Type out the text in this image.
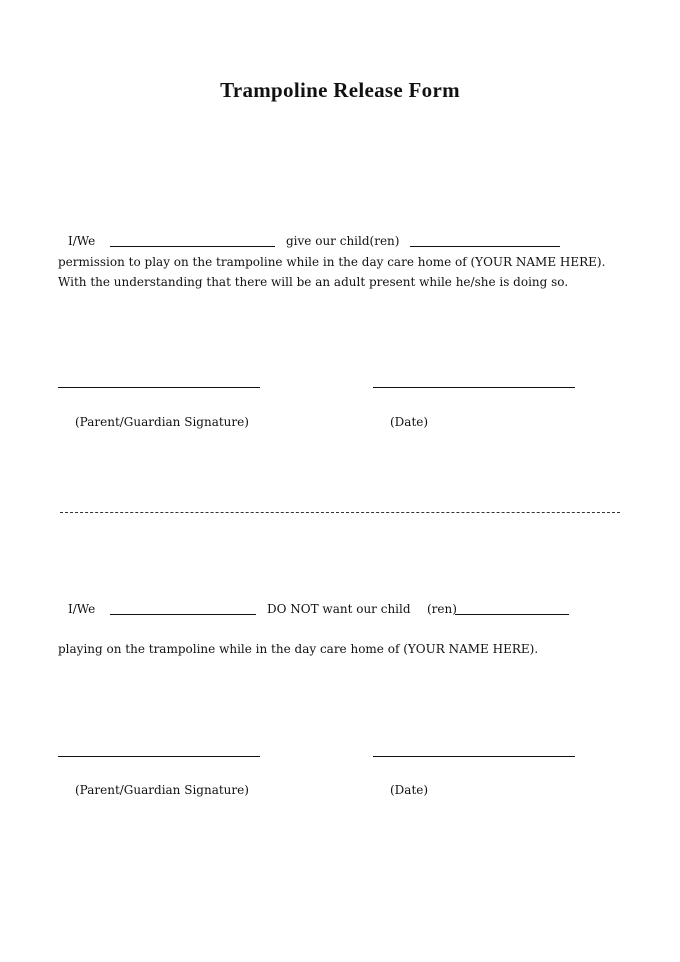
Trampoline Release Form
I/We	give our child(ren)
permission to play on the trampoline while in the day care home of (YOUR NAME HERE).
With the understanding that there will be an adult present while he/she is doing so.
(Parent/Guardian Signature)	(Date)
I/We	DO NOT want our child (ren)
playing on the trampoline while in the day care home of (YOUR NAME HERE).
(Parent/Guardian Signature)	(Date)
